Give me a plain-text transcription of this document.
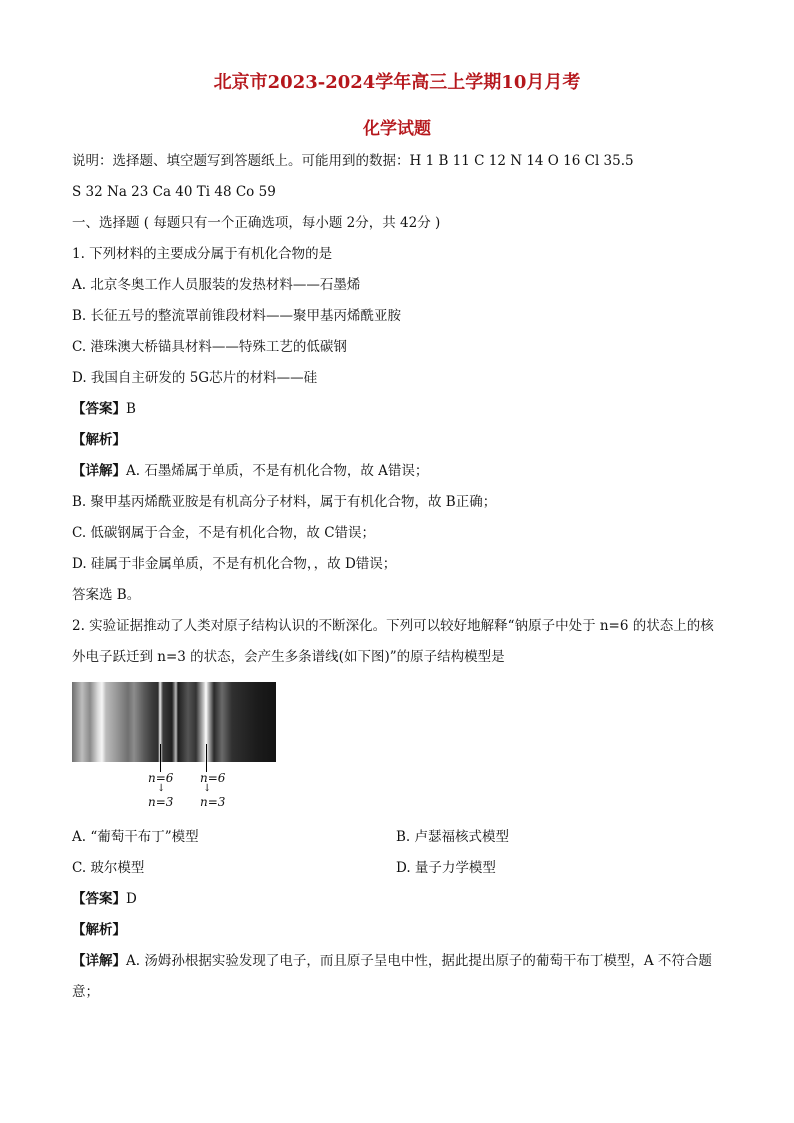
北京市2023-2024学年高三上学期10月月考
化学试题
说明：选择题、填空题写到答题纸上。可能用到的数据：H 1 B 11 C 12 N 14 O 16 Cl 35.5
S 32 Na 23 Ca 40 Ti 48 Co 59
一、选择题 ( 每题只有一个正确选项，每小题 2分，共 42分 )
1. 下列材料的主要成分属于有机化合物的是
A. 北京冬奥工作人员服装的发热材料——石墨烯
B. 长征五号的整流罩前锥段材料——聚甲基丙烯酰亚胺
C. 港珠澳大桥锚具材料——特殊工艺的低碳钢
D. 我国自主研发的 5G芯片的材料——硅
【答案】B
【解析】
【详解】A. 石墨烯属于单质，不是有机化合物，故 A错误；
B. 聚甲基丙烯酰亚胺是有机高分子材料，属于有机化合物，故 B正确；
C. 低碳钢属于合金，不是有机化合物，故 C错误；
D. 硅属于非金属单质，不是有机化合物，，故 D错误；
答案选 B。
2. 实验证据推动了人类对原子结构认识的不断深化。下列可以较好地解释“钠原子中处于 n=6 的状态上的核外电子跃迁到 n=3 的状态，会产生多条谱线(如下图)”的原子结构模型是
n=6 n=6
↓	↓
n=3 n=3
A. “葡萄干布丁”模型	B. 卢瑟福核式模型
C. 玻尔模型	D. 量子力学模型
【答案】D
【解析】
【详解】A. 汤姆孙根据实验发现了电子，而且原子呈电中性，据此提出原子的葡萄干布丁模型，A 不符合题意；
